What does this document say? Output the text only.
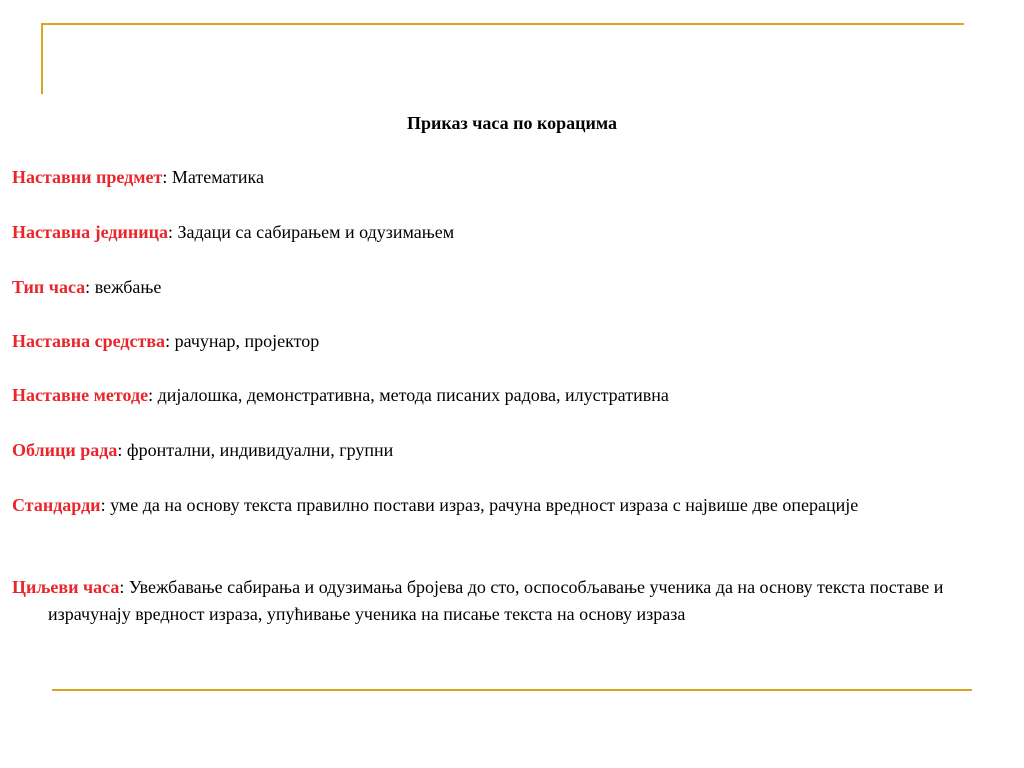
Приказ часа по корацима

Наставни предмет: Математика

Наставна јединица: Задаци са сабирањем и одузимањем

Тип часа: вежбање

Наставна средства: рачунар, пројектор

Наставне методе: дијалошка, демонстративна, метода писаних радова, илустративна

Облици рада: фронтални, индивидуални, групни

Стандарди: уме да на основу текста правилно постави израз, рачуна вредност израза с највише две операције

Циљеви часа: Увежбавање сабирања и одузимања бројева до сто, оспособљавање ученика да на основу текста поставе и израчунају вредност израза, упућивање ученика на писање текста на основу израза
